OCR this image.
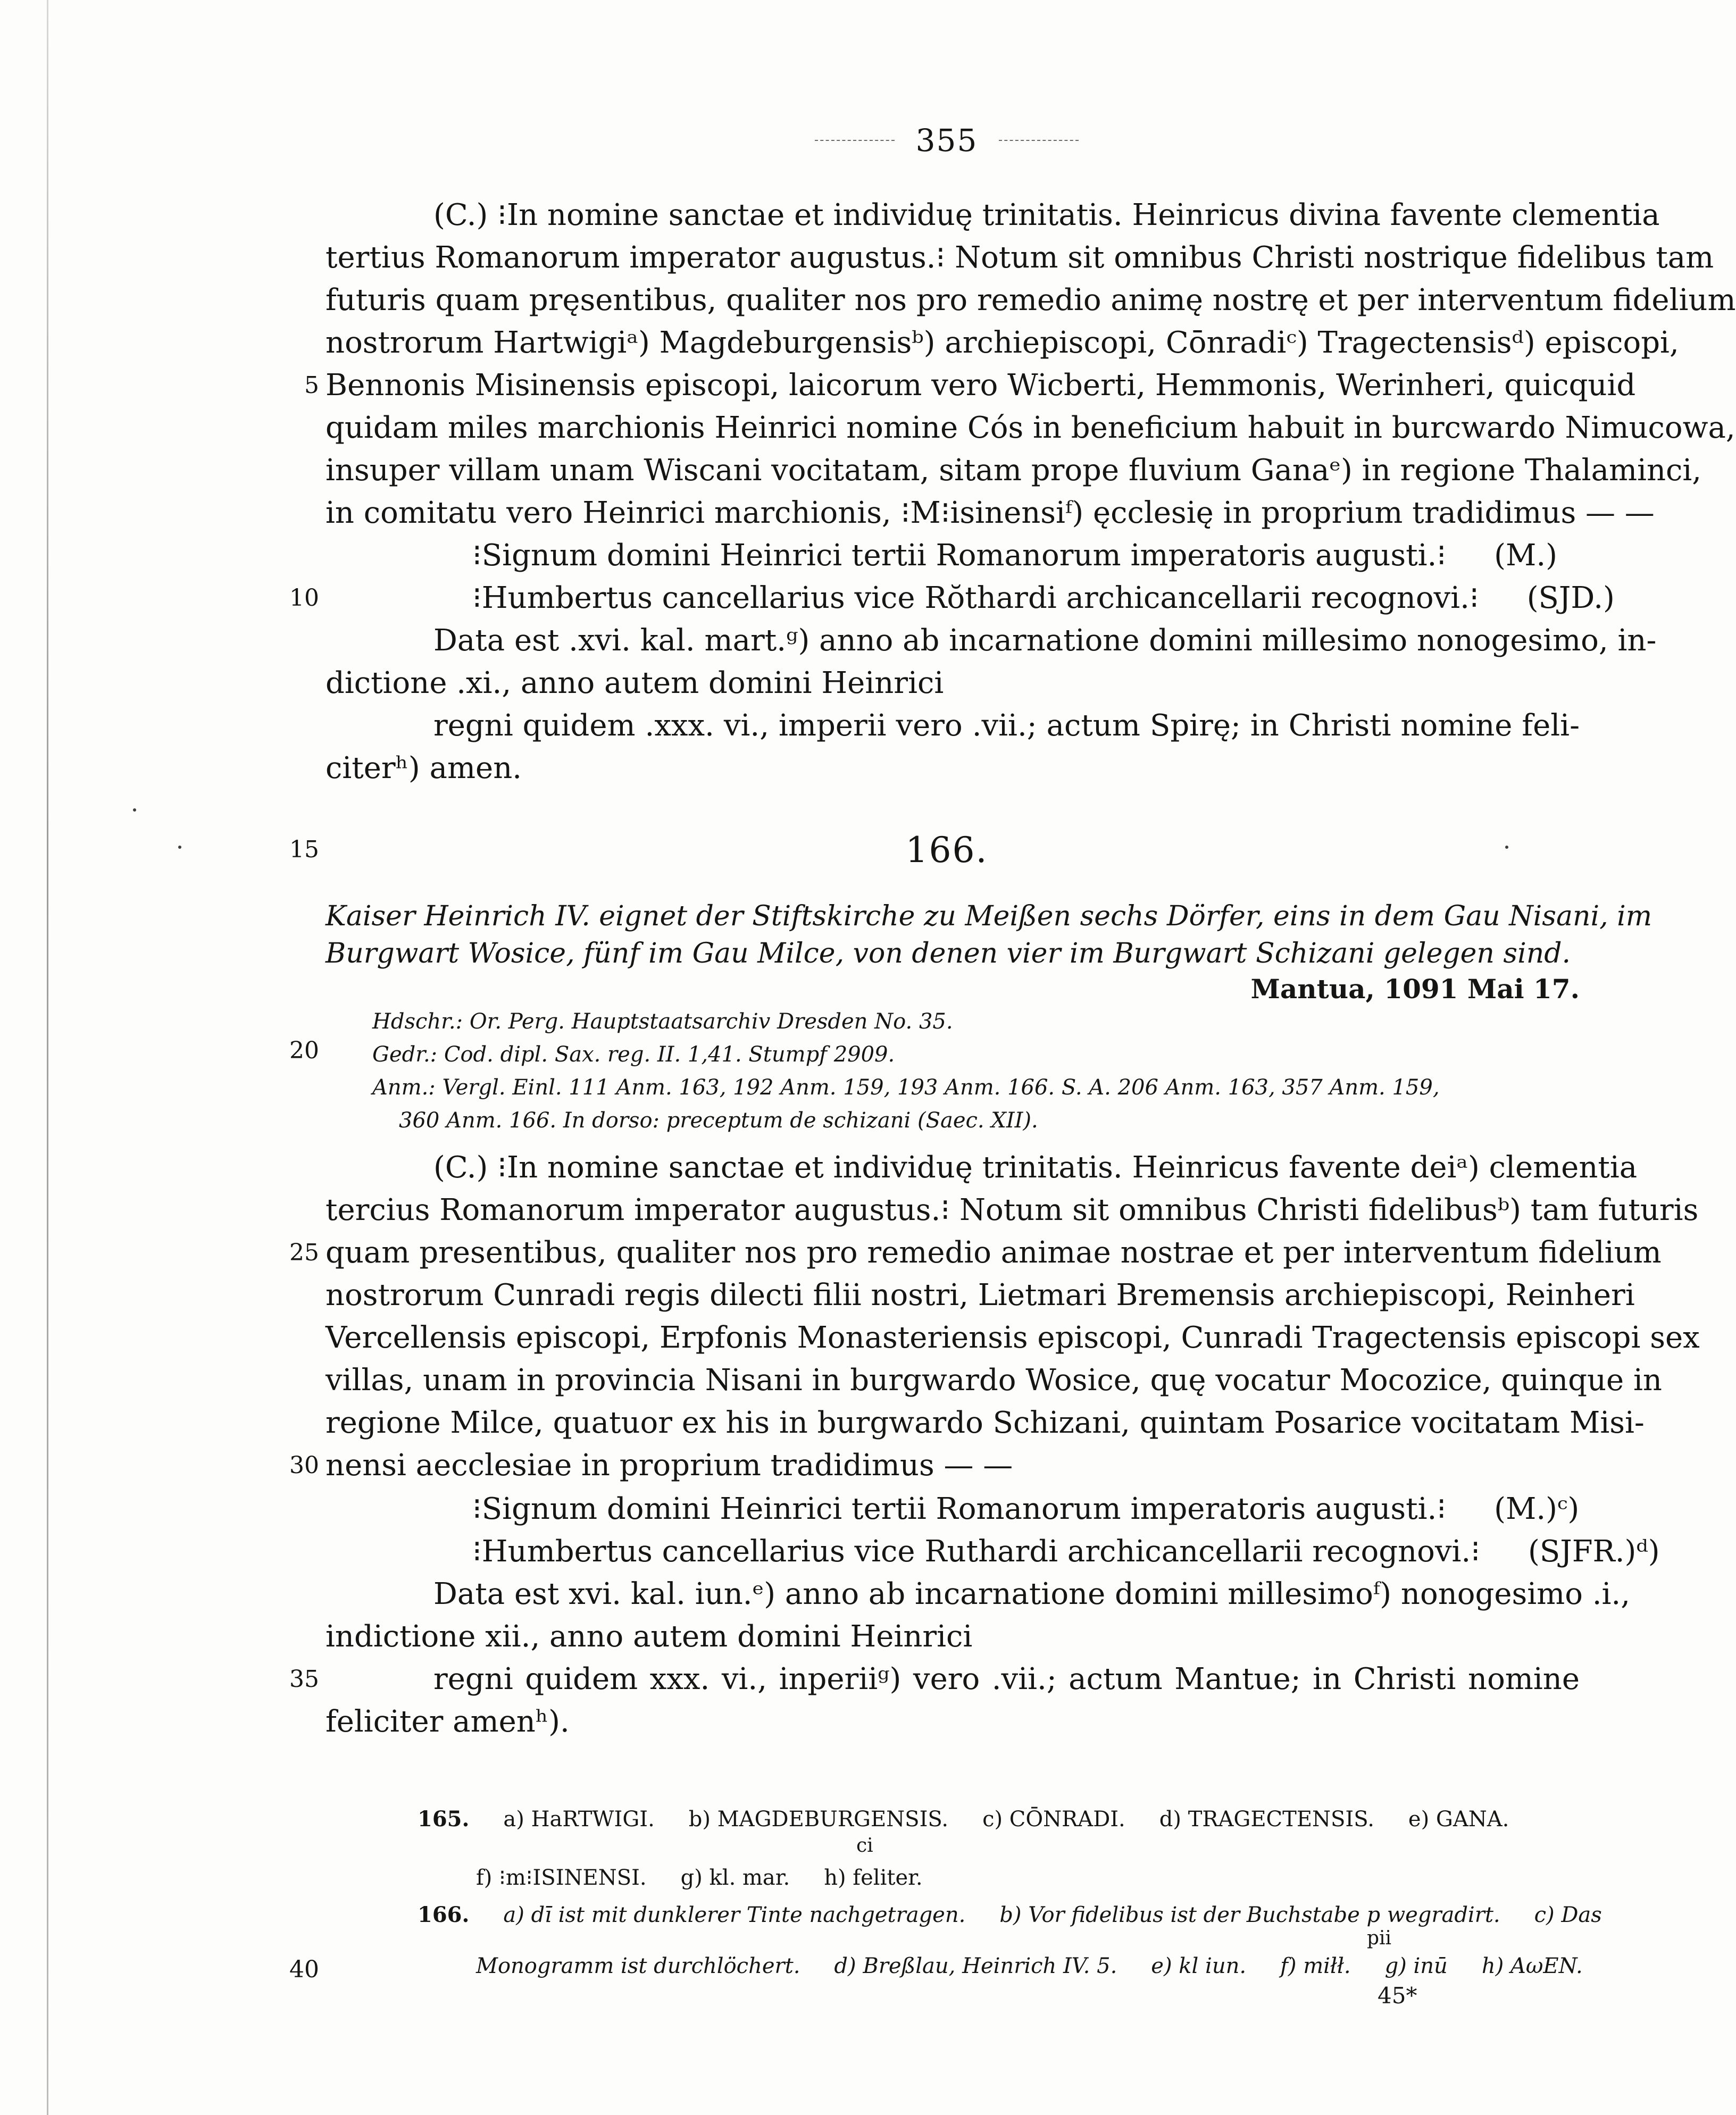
355
(C.) ⁝In nomine sanctae et individuę trinitatis. Heinricus divina favente clementia
tertius Romanorum imperator augustus.⁝ Notum sit omnibus Christi nostrique fidelibus tam
futuris quam pręsentibus, qualiter nos pro remedio animę nostrę et per interventum fidelium
nostrorum Hartwigiᵃ) Magdeburgensisᵇ) archiepiscopi, Cōnradiᶜ) Tragectensisᵈ) episcopi,
Bennonis Misinensis episcopi, laicorum vero Wicberti, Hemmonis, Werinheri, quicquid
quidam miles marchionis Heinrici nomine Cós in beneficium habuit in burcwardo Nimucowa,
insuper villam unam Wiscani vocitatam, sitam prope fluvium Ganaᵉ) in regione Thalaminci,
in comitatu vero Heinrici marchionis, ⁝M⁝isinensiᶠ) ęcclesię in proprium tradidimus — —
⁝Signum domini Heinrici tertii Romanorum imperatoris augusti.⁝ (M.)
⁝Humbertus cancellarius vice Rŏthardi archicancellarii recognovi.⁝ (SJD.)
Data est .xvi. kal. mart.ᵍ) anno ab incarnatione domini millesimo nonogesimo, in-
dictione .xi., anno autem domini Heinrici
regni quidem .xxx. vi., imperii vero .vii.; actum Spirę; in Christi nomine feli-
citerʰ) amen.
166.
Kaiser Heinrich IV. eignet der Stiftskirche zu Meißen sechs Dörfer, eins in dem Gau Nisani, im
Burgwart Wosice, fünf im Gau Milce, von denen vier im Burgwart Schizani gelegen sind.
Mantua, 1091 Mai 17.
Hdschr.: Or. Perg. Hauptstaatsarchiv Dresden No. 35.
Gedr.: Cod. dipl. Sax. reg. II. 1,41. Stumpf 2909.
Anm.: Vergl. Einl. 111 Anm. 163, 192 Anm. 159, 193 Anm. 166. S. A. 206 Anm. 163, 357 Anm. 159,
360 Anm. 166. In dorso: preceptum de schizani (Saec. XII).
(C.) ⁝In nomine sanctae et individuę trinitatis. Heinricus favente deiᵃ) clementia
tercius Romanorum imperator augustus.⁝ Notum sit omnibus Christi fidelibusᵇ) tam futuris
quam presentibus, qualiter nos pro remedio animae nostrae et per interventum fidelium
nostrorum Cunradi regis dilecti filii nostri, Lietmari Bremensis archiepiscopi, Reinheri
Vercellensis episcopi, Erpfonis Monasteriensis episcopi, Cunradi Tragectensis episcopi sex
villas, unam in provincia Nisani in burgwardo Wosice, quę vocatur Mocozice, quinque in
regione Milce, quatuor ex his in burgwardo Schizani, quintam Posarice vocitatam Misi-
nensi aecclesiae in proprium tradidimus — —
⁝Signum domini Heinrici tertii Romanorum imperatoris augusti.⁝ (M.)ᶜ)
⁝Humbertus cancellarius vice Ruthardi archicancellarii recognovi.⁝ (SJFR.)ᵈ)
Data est xvi. kal. iun.ᵉ) anno ab incarnatione domini millesimoᶠ) nonogesimo .i.,
indictione xii., anno autem domini Heinrici
regni quidem xxx. vi., inperiiᵍ) vero .vii.; actum Mantue; in Christi nomine
feliciter amenʰ).
5
10
15
20
25
30
35
40
165. a) HaRTWIGI. b) MAGDEBURGENSIS. c) CŌNRADI. d) TRAGECTENSIS. e) GANA.
ci
f) ⁝m⁝ISINENSI. g) kl. mar. h) feliter.
166. a) dī ist mit dunklerer Tinte nachgetragen. b) Vor fidelibus ist der Buchstabe p wegradirt. c) Das
pii
Monogramm ist durchlöchert. d) Breßlau, Heinrich IV. 5. e) kl iun. f) miłł. g) inū h) AωEN.
45*
